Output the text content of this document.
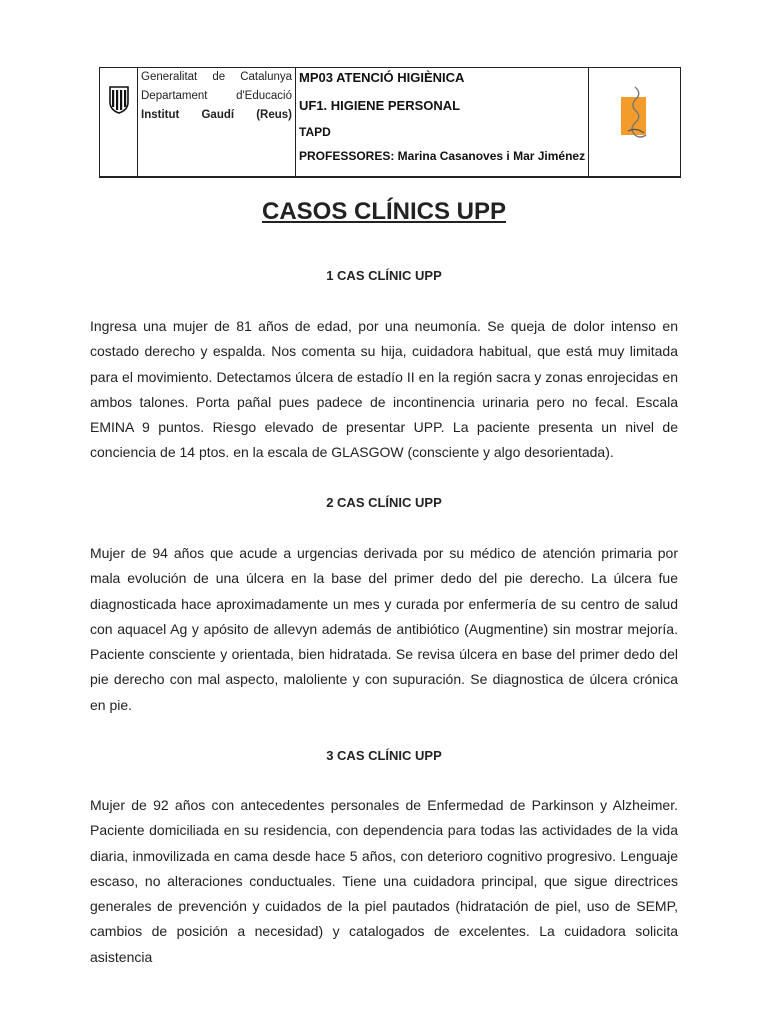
Generalitat de Catalunya Departament d'Educació Institut Gaudí (Reus)

MP03 ATENCIÓ HIGIÈNICA
UF1. HIGIENE PERSONAL
TAPD
PROFESSORES: Marina Casanoves i Mar Jiménez

CASOS CLÍNICS UPP
1 CAS CLÍNIC UPP

Ingresa una mujer de 81 años de edad, por una neumonía. Se queja de dolor intenso en costado derecho y espalda. Nos comenta su hija, cuidadora habitual, que está muy limitada para el movimiento. Detectamos úlcera de estadío II en la región sacra y zonas enrojecidas en ambos talones. Porta pañal pues padece de incontinencia urinaria pero no fecal. Escala EMINA 9 puntos. Riesgo elevado de presentar UPP. La paciente presenta un nivel de conciencia de 14 ptos. en la escala de GLASGOW (consciente y algo desorientada).

2 CAS CLÍNIC UPP

Mujer de 94 años que acude a urgencias derivada por su médico de atención primaria por mala evolución de una úlcera en la base del primer dedo del pie derecho. La úlcera fue diagnosticada hace aproximadamente un mes y curada por enfermería de su centro de salud con aquacel Ag y apósito de allevyn además de antibiótico (Augmentine) sin mostrar mejoría. Paciente consciente y orientada, bien hidratada. Se revisa úlcera en base del primer dedo del pie derecho con mal aspecto, maloliente y con supuración. Se diagnostica de úlcera crónica en pie.

3 CAS CLÍNIC UPP

Mujer de 92 años con antecedentes personales de Enfermedad de Parkinson y Alzheimer. Paciente domiciliada en su residencia, con dependencia para todas las actividades de la vida diaria, inmovilizada en cama desde hace 5 años, con deterioro cognitivo progresivo. Lenguaje escaso, no alteraciones conductuales. Tiene una cuidadora principal, que sigue directrices generales de prevención y cuidados de la piel pautados (hidratación de piel, uso de SEMP, cambios de posición a necesidad) y catalogados de excelentes. La cuidadora solicita asistencia
